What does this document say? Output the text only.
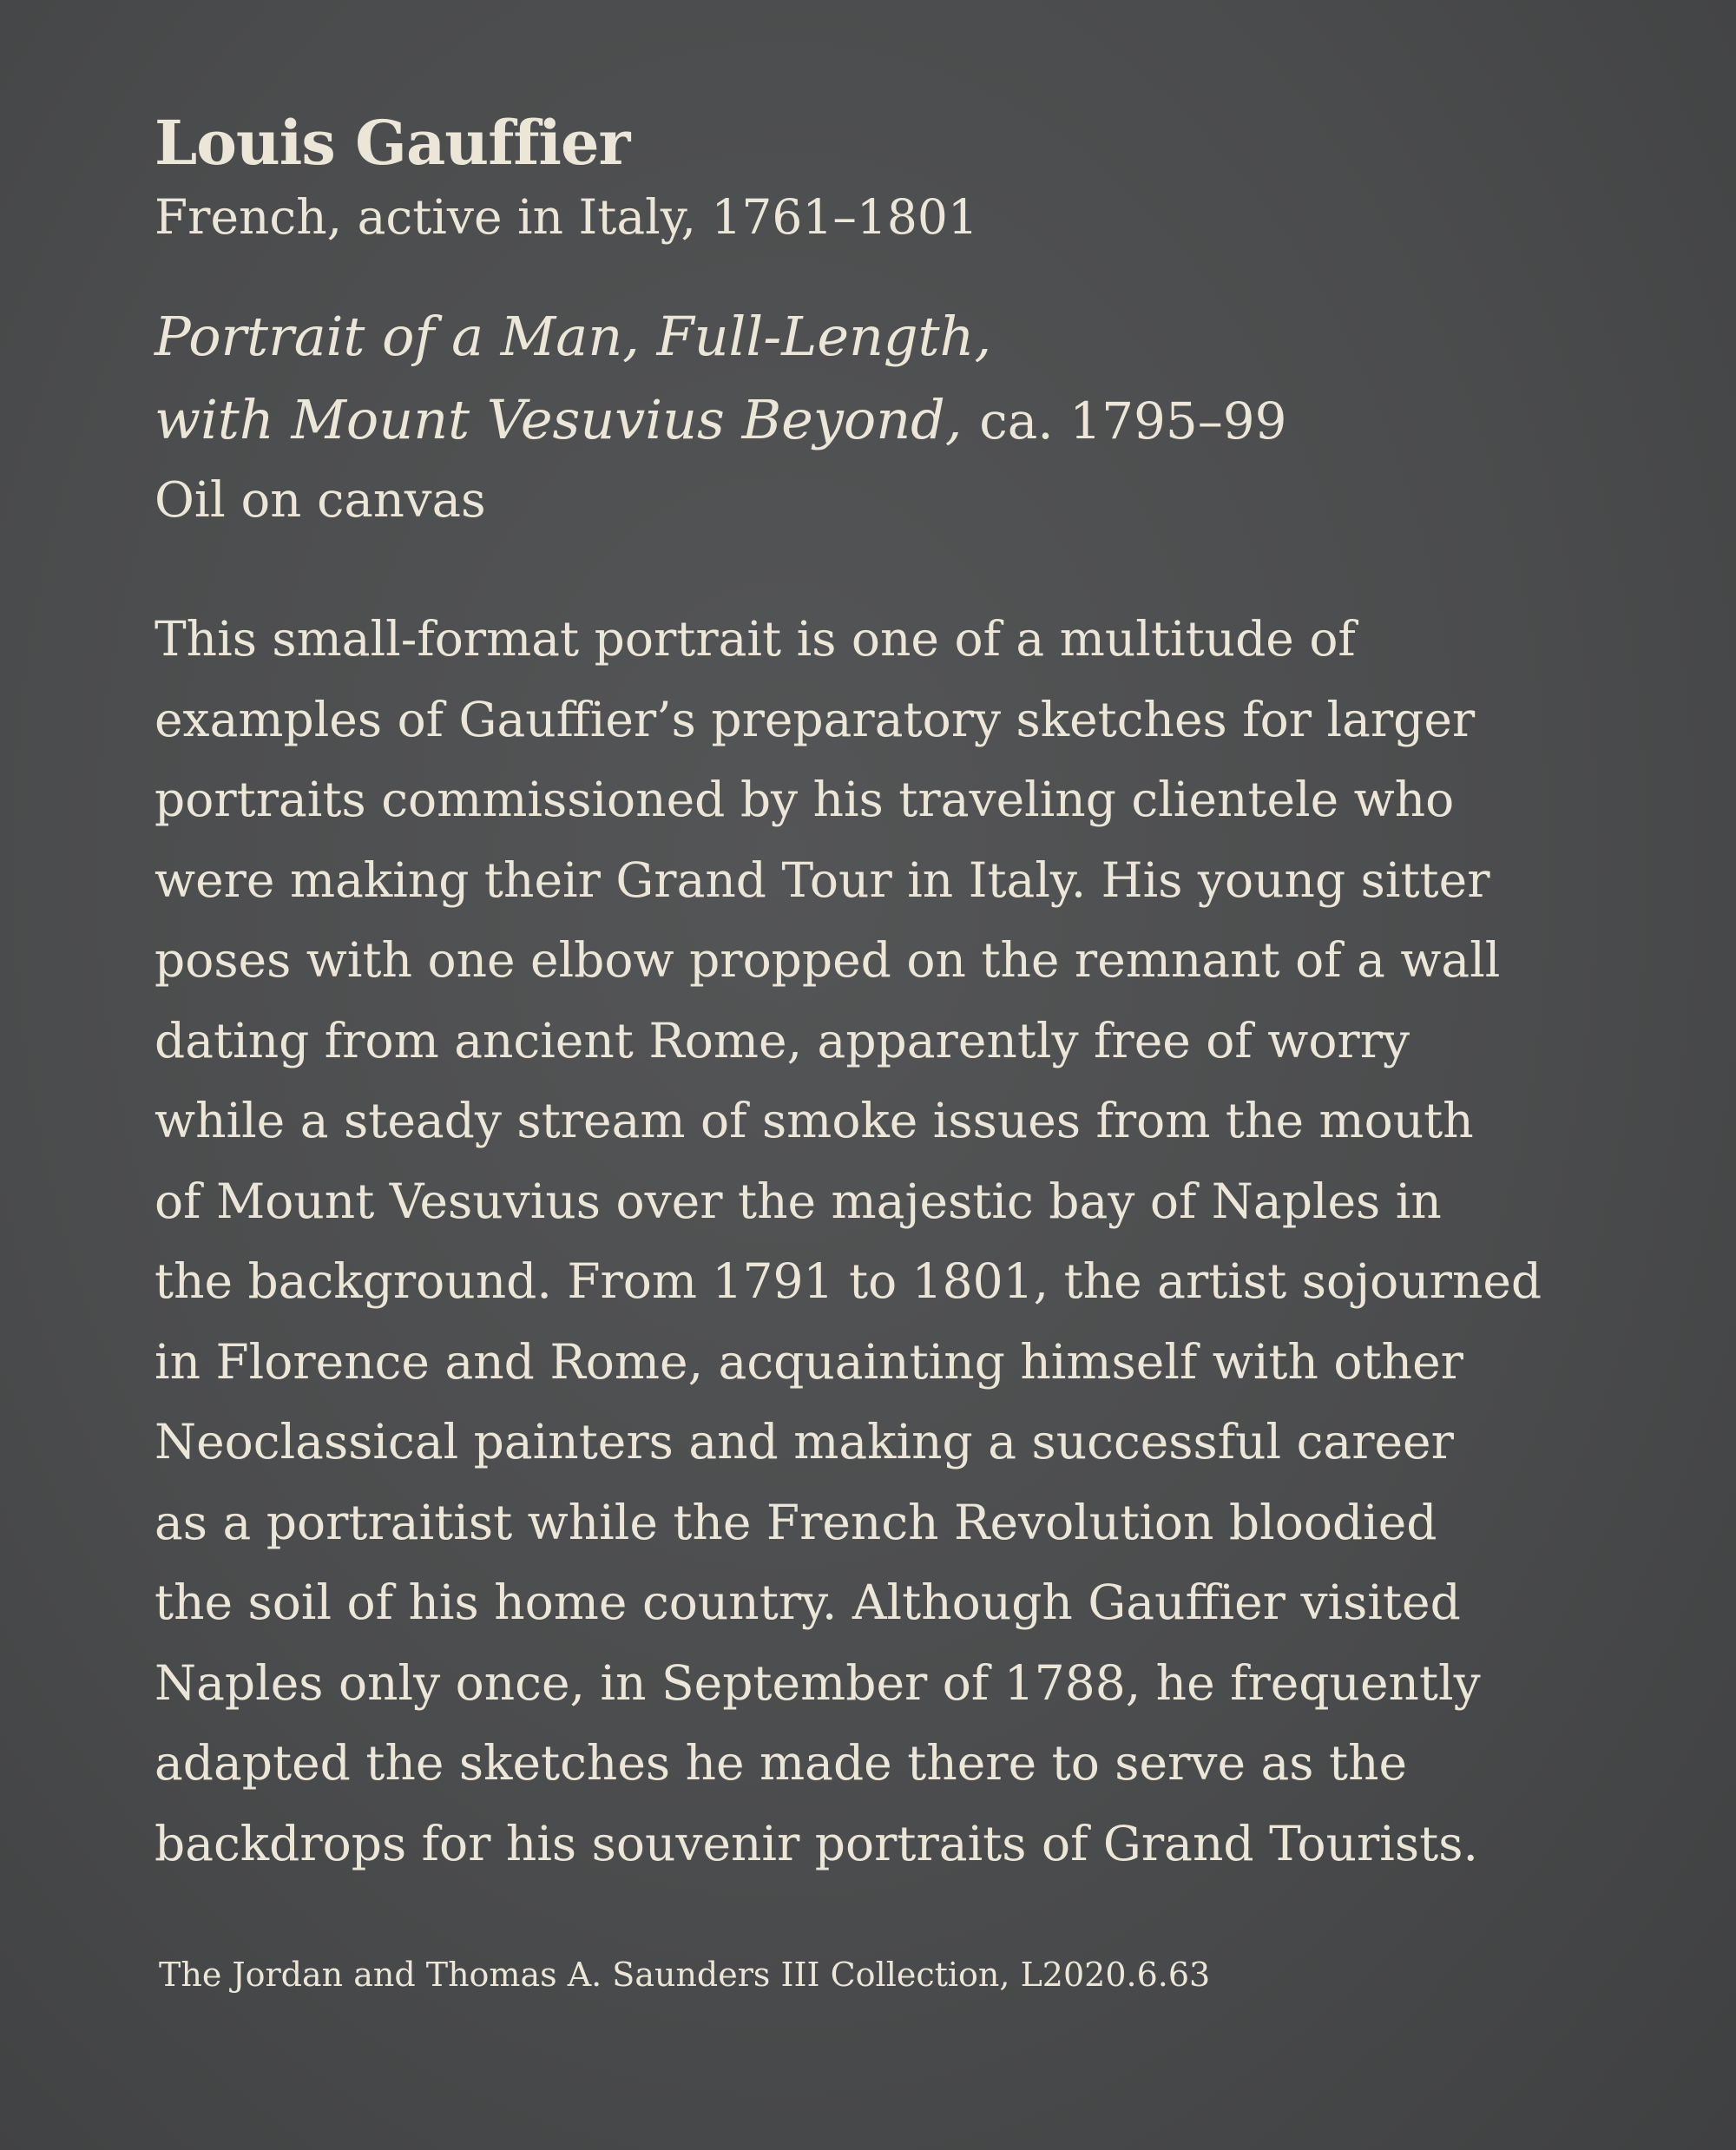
Louis Gauffier

French, active in Italy, 1761–1801

Portrait of a Man, Full-Length,
with Mount Vesuvius Beyond, ca. 1795–99

Oil on canvas

This small-format portrait is one of a multitude of
examples of Gauffier’s preparatory sketches for larger
portraits commissioned by his traveling clientele who
were making their Grand Tour in Italy. His young sitter
poses with one elbow propped on the remnant of a wall
dating from ancient Rome, apparently free of worry
while a steady stream of smoke issues from the mouth
of Mount Vesuvius over the majestic bay of Naples in
the background. From 1791 to 1801, the artist sojourned
in Florence and Rome, acquainting himself with other
Neoclassical painters and making a successful career
as a portraitist while the French Revolution bloodied
the soil of his home country. Although Gauffier visited
Naples only once, in September of 1788, he frequently
adapted the sketches he made there to serve as the
backdrops for his souvenir portraits of Grand Tourists.

The Jordan and Thomas A. Saunders III Collection, L2020.6.63
